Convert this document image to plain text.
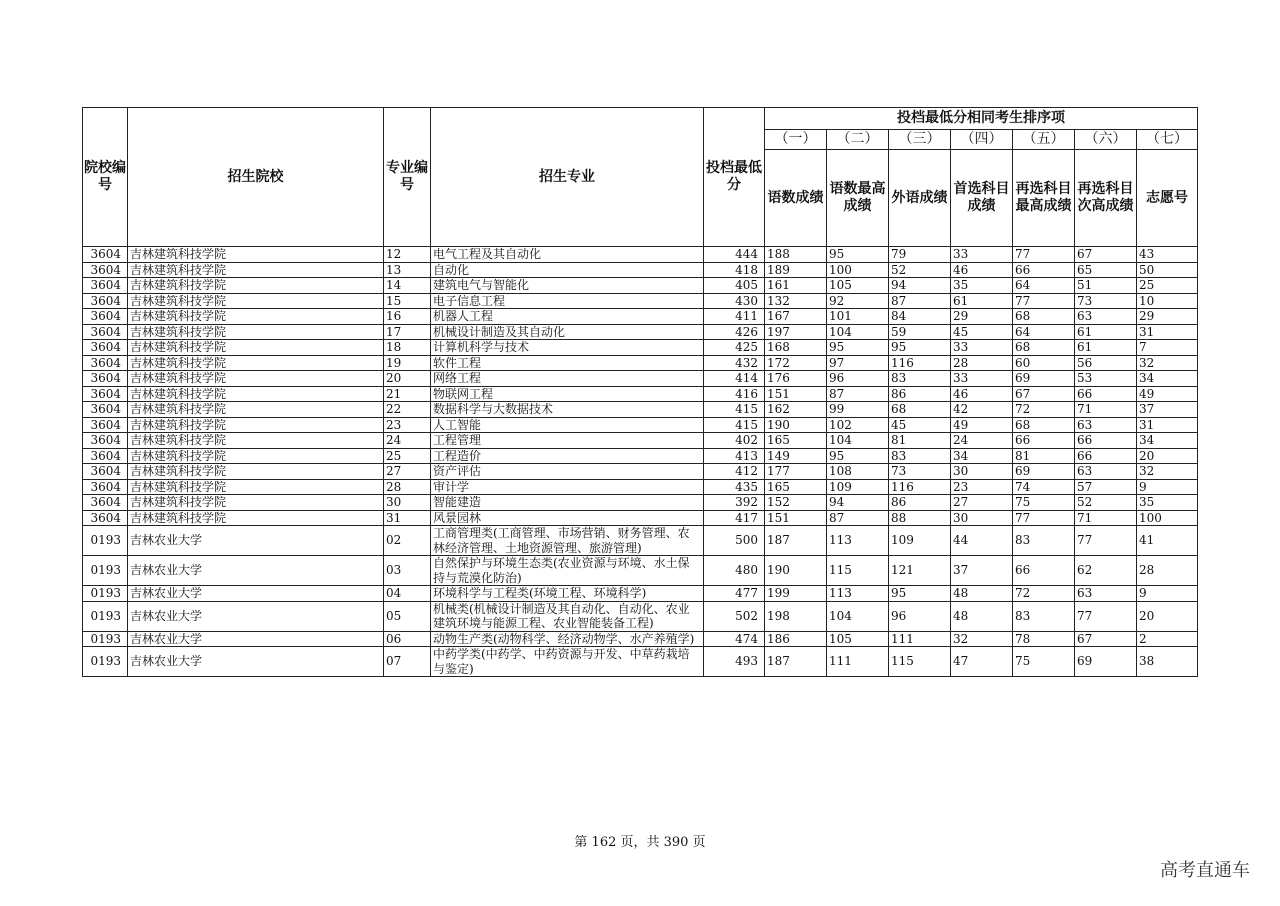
院校编号	招生院校	专业编号	招生专业	投档最低分	投档最低分相同考生排序项						
					（一）	（二）	（三）	（四）	（五）	（六）	（七）
					语数成绩	语数最高成绩	外语成绩	首选科目成绩	再选科目最高成绩	再选科目次高成绩	志愿号
3604	吉林建筑科技学院	12	电气工程及其自动化	444	188	95	79	33	77	67	43
3604	吉林建筑科技学院	13	自动化	418	189	100	52	46	66	65	50
3604	吉林建筑科技学院	14	建筑电气与智能化	405	161	105	94	35	64	51	25
3604	吉林建筑科技学院	15	电子信息工程	430	132	92	87	61	77	73	10
3604	吉林建筑科技学院	16	机器人工程	411	167	101	84	29	68	63	29
3604	吉林建筑科技学院	17	机械设计制造及其自动化	426	197	104	59	45	64	61	31
3604	吉林建筑科技学院	18	计算机科学与技术	425	168	95	95	33	68	61	7
3604	吉林建筑科技学院	19	软件工程	432	172	97	116	28	60	56	32
3604	吉林建筑科技学院	20	网络工程	414	176	96	83	33	69	53	34
3604	吉林建筑科技学院	21	物联网工程	416	151	87	86	46	67	66	49
3604	吉林建筑科技学院	22	数据科学与大数据技术	415	162	99	68	42	72	71	37
3604	吉林建筑科技学院	23	人工智能	415	190	102	45	49	68	63	31
3604	吉林建筑科技学院	24	工程管理	402	165	104	81	24	66	66	34
3604	吉林建筑科技学院	25	工程造价	413	149	95	83	34	81	66	20
3604	吉林建筑科技学院	27	资产评估	412	177	108	73	30	69	63	32
3604	吉林建筑科技学院	28	审计学	435	165	109	116	23	74	57	9
3604	吉林建筑科技学院	30	智能建造	392	152	94	86	27	75	52	35
3604	吉林建筑科技学院	31	风景园林	417	151	87	88	30	77	71	100
0193	吉林农业大学	02	工商管理类(工商管理、市场营销、财务管理、农林经济管理、土地资源管理、旅游管理)	500	187	113	109	44	83	77	41
0193	吉林农业大学	03	自然保护与环境生态类(农业资源与环境、水土保持与荒漠化防治)	480	190	115	121	37	66	62	28
0193	吉林农业大学	04	环境科学与工程类(环境工程、环境科学)	477	199	113	95	48	72	63	9
0193	吉林农业大学	05	机械类(机械设计制造及其自动化、自动化、农业建筑环境与能源工程、农业智能装备工程)	502	198	104	96	48	83	77	20
0193	吉林农业大学	06	动物生产类(动物科学、经济动物学、水产养殖学)	474	186	105	111	32	78	67	2
0193	吉林农业大学	07	中药学类(中药学、中药资源与开发、中草药栽培与鉴定)	493	187	111	115	47	75	69	38
第 162 页，共 390 页
高考直通车
